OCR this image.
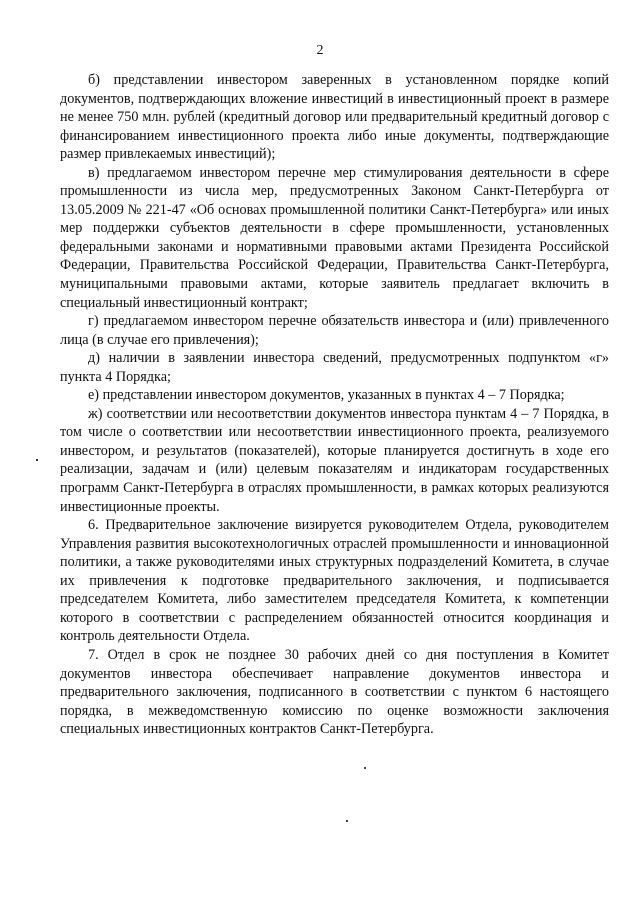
2

б) представлении инвестором заверенных в установленном порядке копий документов, подтверждающих вложение инвестиций в инвестиционный проект в размере не менее 750 млн. рублей (кредитный договор или предварительный кредитный договор с финансированием инвестиционного проекта либо иные документы, подтверждающие размер привлекаемых инвестиций);

в) предлагаемом инвестором перечне мер стимулирования деятельности в сфере промышленности из числа мер, предусмотренных Законом Санкт-Петербурга от 13.05.2009 № 221-47 «Об основах промышленной политики Санкт-Петербурга» или иных мер поддержки субъектов деятельности в сфере промышленности, установленных федеральными законами и нормативными правовыми актами Президента Российской Федерации, Правительства Российской Федерации, Правительства Санкт-Петербурга, муниципальными правовыми актами, которые заявитель предлагает включить в специальный инвестиционный контракт;

г) предлагаемом инвестором перечне обязательств инвестора и (или) привлеченного лица (в случае его привлечения);

д) наличии в заявлении инвестора сведений, предусмотренных подпунктом «г» пункта 4 Порядка;

е) представлении инвестором документов, указанных в пунктах 4 – 7 Порядка;

ж) соответствии или несоответствии документов инвестора пунктам 4 – 7 Порядка, в том числе о соответствии или несоответствии инвестиционного проекта, реализуемого инвестором, и результатов (показателей), которые планируется достигнуть в ходе его реализации, задачам и (или) целевым показателям и индикаторам государственных программ Санкт-Петербурга в отраслях промышленности, в рамках которых реализуются инвестиционные проекты.

6. Предварительное заключение визируется руководителем Отдела, руководителем Управления развития высокотехнологичных отраслей промышленности и инновационной политики, а также руководителями иных структурных подразделений Комитета, в случае их привлечения к подготовке предварительного заключения, и подписывается председателем Комитета, либо заместителем председателя Комитета, к компетенции которого в соответствии с распределением обязанностей относится координация и контроль деятельности Отдела.

7. Отдел в срок не позднее 30 рабочих дней со дня поступления в Комитет документов инвестора обеспечивает направление документов инвестора и предварительного заключения, подписанного в соответствии с пунктом 6 настоящего порядка, в межведомственную комиссию по оценке возможности заключения специальных инвестиционных контрактов Санкт-Петербурга.
